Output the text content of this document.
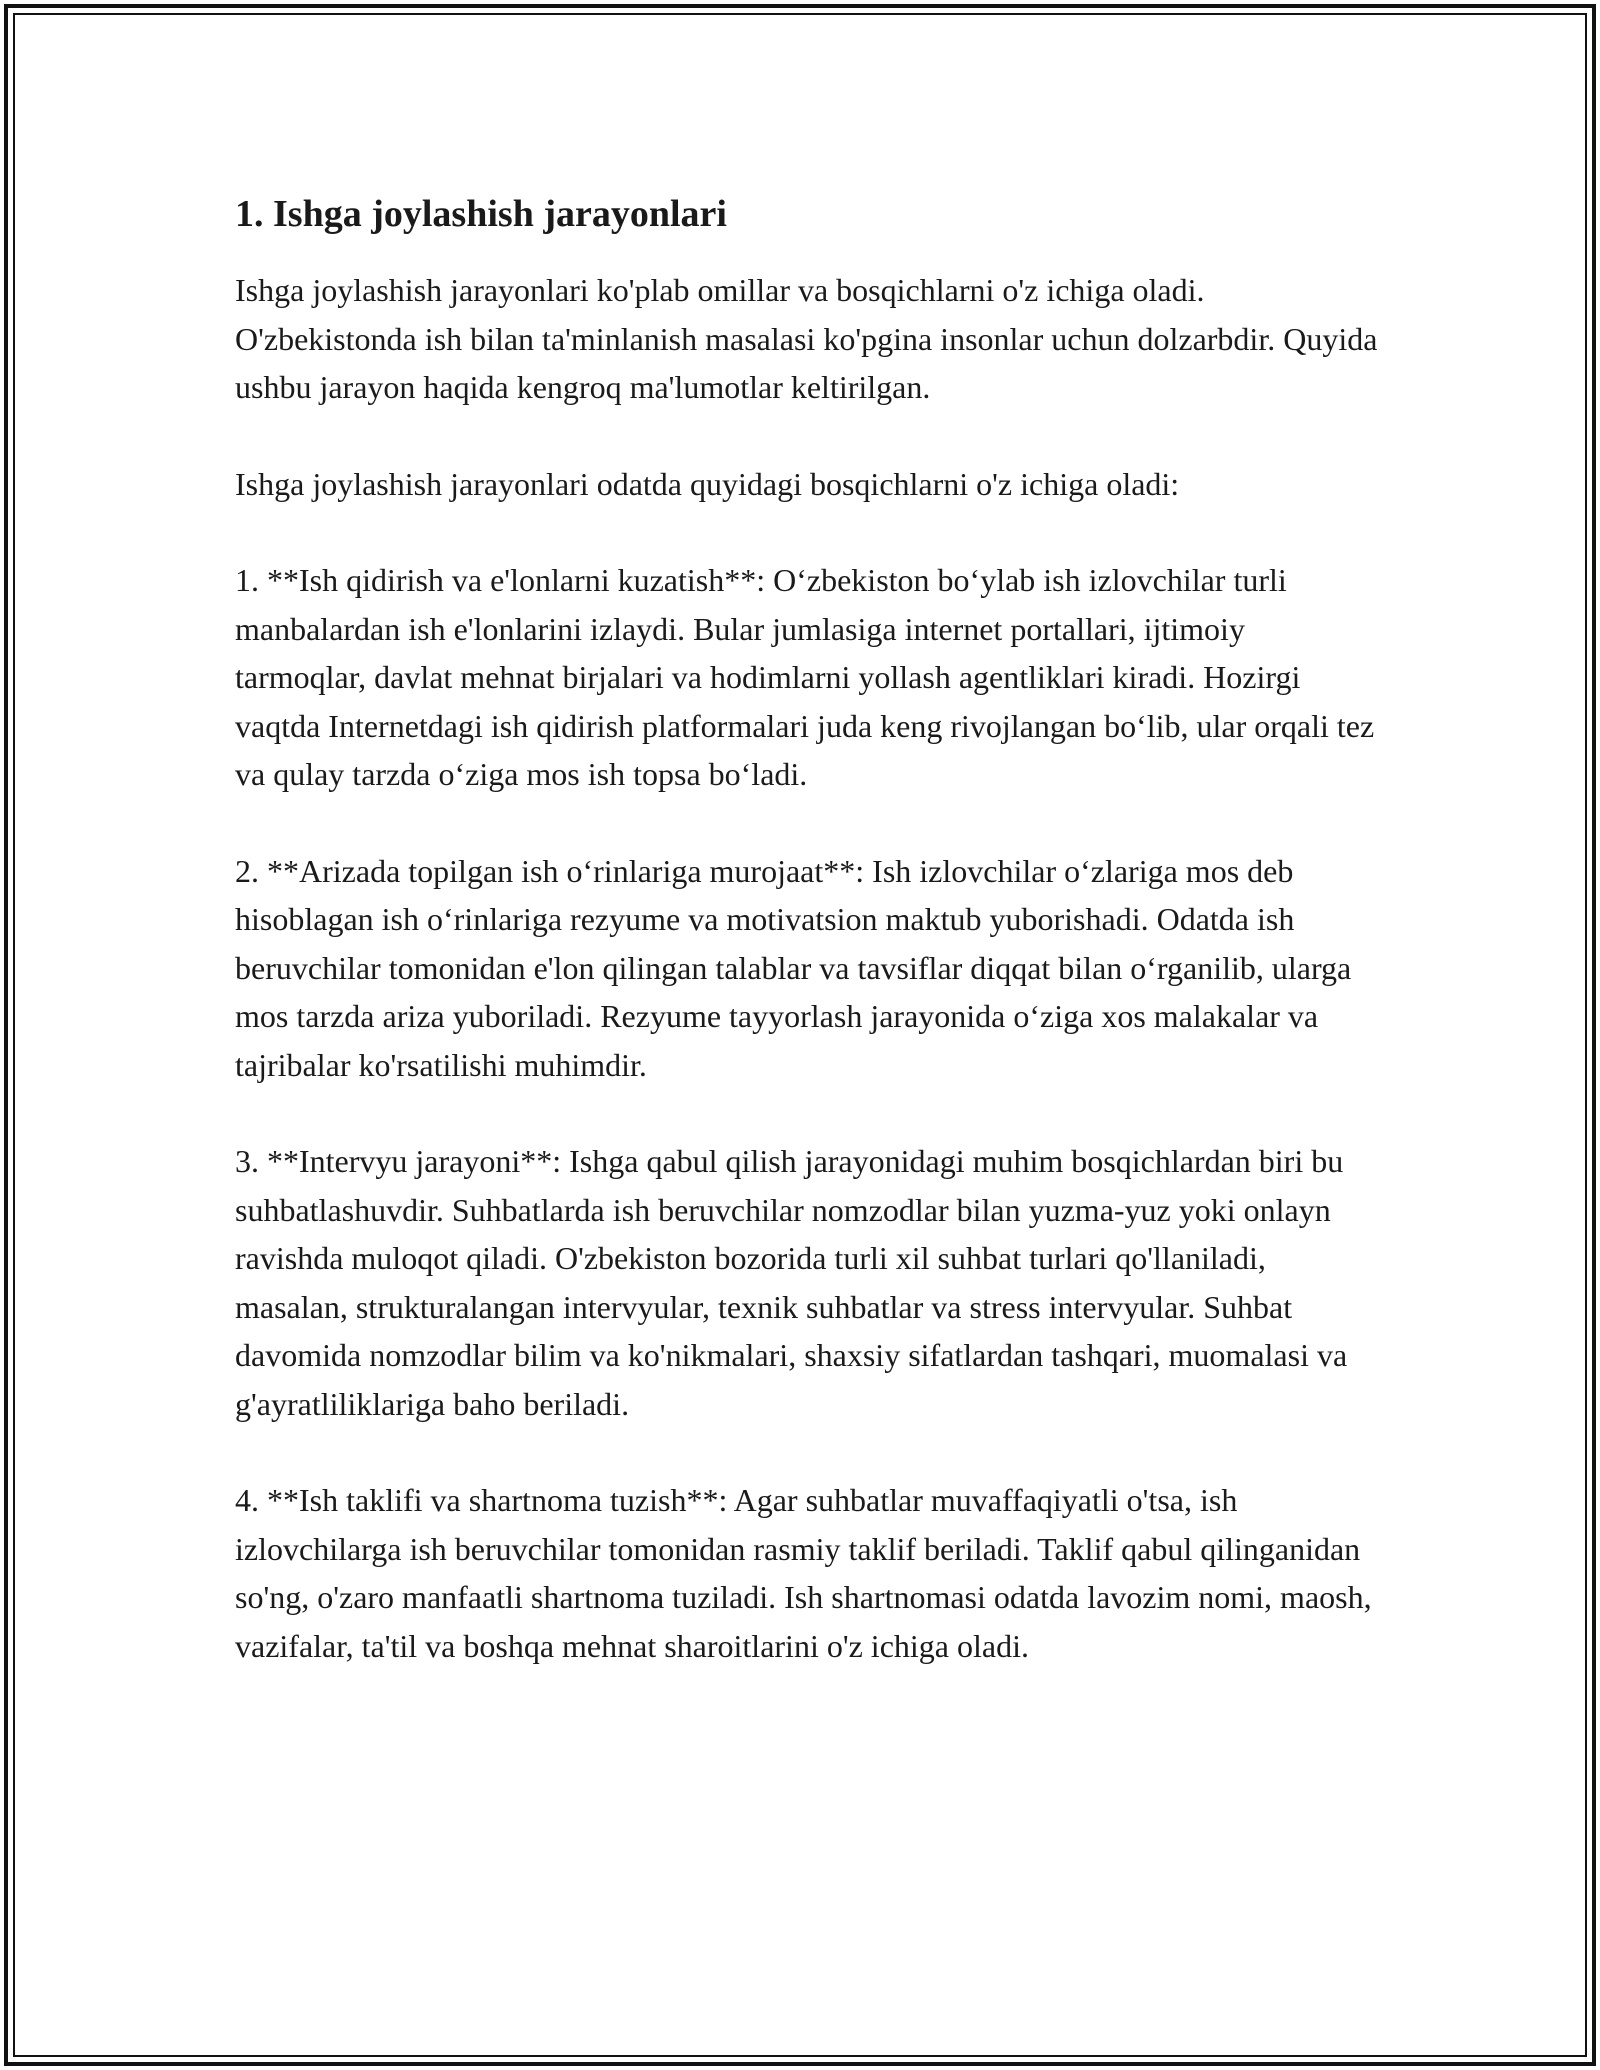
1. Ishga joylashish jarayonlari

Ishga joylashish jarayonlari ko'plab omillar va bosqichlarni o'z ichiga oladi. O'zbekistonda ish bilan ta'minlanish masalasi ko'pgina insonlar uchun dolzarbdir. Quyida ushbu jarayon haqida kengroq ma'lumotlar keltirilgan.

Ishga joylashish jarayonlari odatda quyidagi bosqichlarni o'z ichiga oladi:

1. **Ish qidirish va e'lonlarni kuzatish**: O‘zbekiston bo‘ylab ish izlovchilar turli manbalardan ish e'lonlarini izlaydi. Bular jumlasiga internet portallari, ijtimoiy tarmoqlar, davlat mehnat birjalari va hodimlarni yollash agentliklari kiradi. Hozirgi vaqtda Internetdagi ish qidirish platformalari juda keng rivojlangan bo‘lib, ular orqali tez va qulay tarzda o‘ziga mos ish topsa bo‘ladi.

2. **Arizada topilgan ish o‘rinlariga murojaat**: Ish izlovchilar o‘zlariga mos deb hisoblagan ish o‘rinlariga rezyume va motivatsion maktub yuborishadi. Odatda ish beruvchilar tomonidan e'lon qilingan talablar va tavsiflar diqqat bilan o‘rganilib, ularga mos tarzda ariza yuboriladi. Rezyume tayyorlash jarayonida o‘ziga xos malakalar va tajribalar ko'rsatilishi muhimdir.

3. **Intervyu jarayoni**: Ishga qabul qilish jarayonidagi muhim bosqichlardan biri bu suhbatlashuvdir. Suhbatlarda ish beruvchilar nomzodlar bilan yuzma-yuz yoki onlayn ravishda muloqot qiladi. O'zbekiston bozorida turli xil suhbat turlari qo'llaniladi, masalan, strukturalangan intervyular, texnik suhbatlar va stress intervyular. Suhbat davomida nomzodlar bilim va ko'nikmalari, shaxsiy sifatlardan tashqari, muomalasi va g'ayratliliklariga baho beriladi.

4. **Ish taklifi va shartnoma tuzish**: Agar suhbatlar muvaffaqiyatli o'tsa, ish izlovchilarga ish beruvchilar tomonidan rasmiy taklif beriladi. Taklif qabul qilinganidan so'ng, o'zaro manfaatli shartnoma tuziladi. Ish shartnomasi odatda lavozim nomi, maosh, vazifalar, ta'til va boshqa mehnat sharoitlarini o'z ichiga oladi.
